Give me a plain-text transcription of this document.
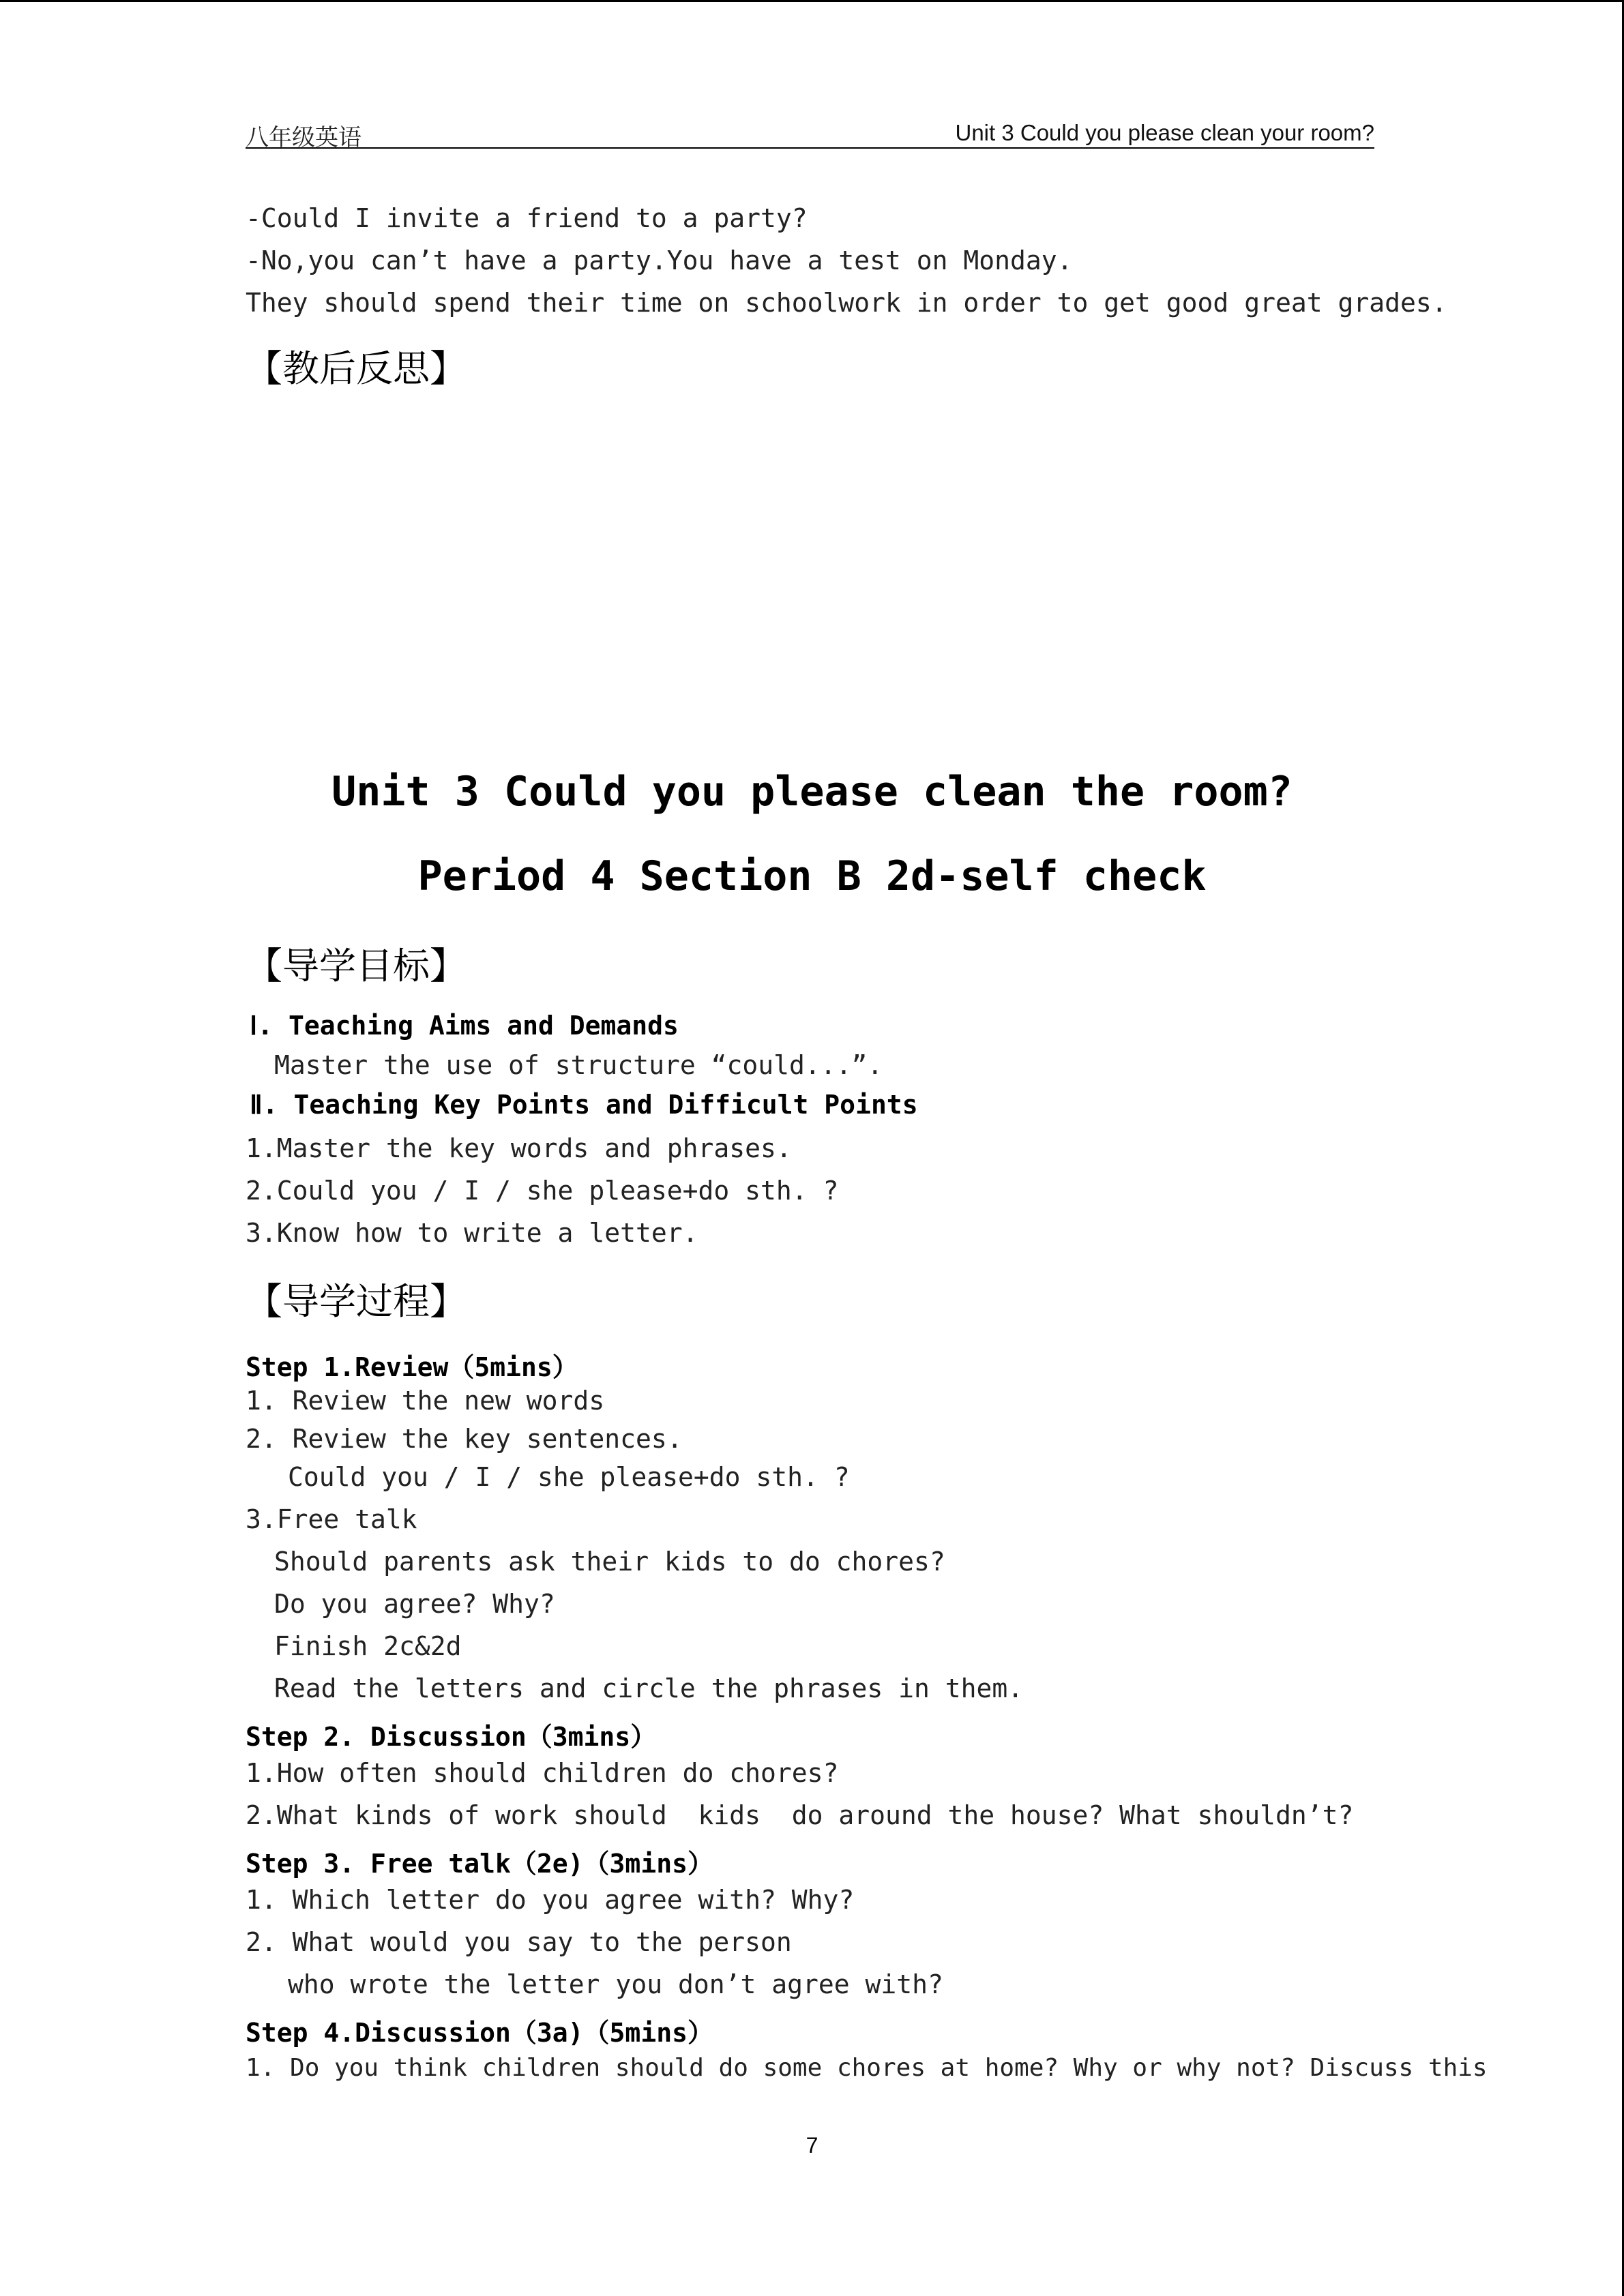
八年级英语	Unit 3 Could you please clean your room?
-Could I invite a friend to a party?
-No,you can’t have a party.You have a test on Monday.
They should spend their time on schoolwork in order to get good great grades.
【教后反思】
Unit 3 Could you please clean the room?
Period 4 Section B 2d-self check
【导学目标】
Ⅰ. Teaching Aims and Demands
Master the use of structure “could...”.
Ⅱ. Teaching Key Points and Difficult Points
1.Master the key words and phrases.
2.Could you / I / she please+do sth. ?
3.Know how to write a letter.
【导学过程】
Step 1.Review（5mins）
1. Review the new words
2. Review the key sentences.
Could you / I / she please+do sth. ?
3.Free talk
Should parents ask their kids to do chores?
Do you agree? Why?
Finish 2c&2d
Read the letters and circle the phrases in them.
Step 2. Discussion（3mins）
1.How often should children do chores?
2.What kinds of work should  kids  do around the house? What shouldn’t?
Step 3. Free talk（2e)（3mins）
1. Which letter do you agree with? Why?
2. What would you say to the person
who wrote the letter you don’t agree with?
Step 4.Discussion（3a)（5mins）
1. Do you think children should do some chores at home? Why or why not? Discuss this
7
